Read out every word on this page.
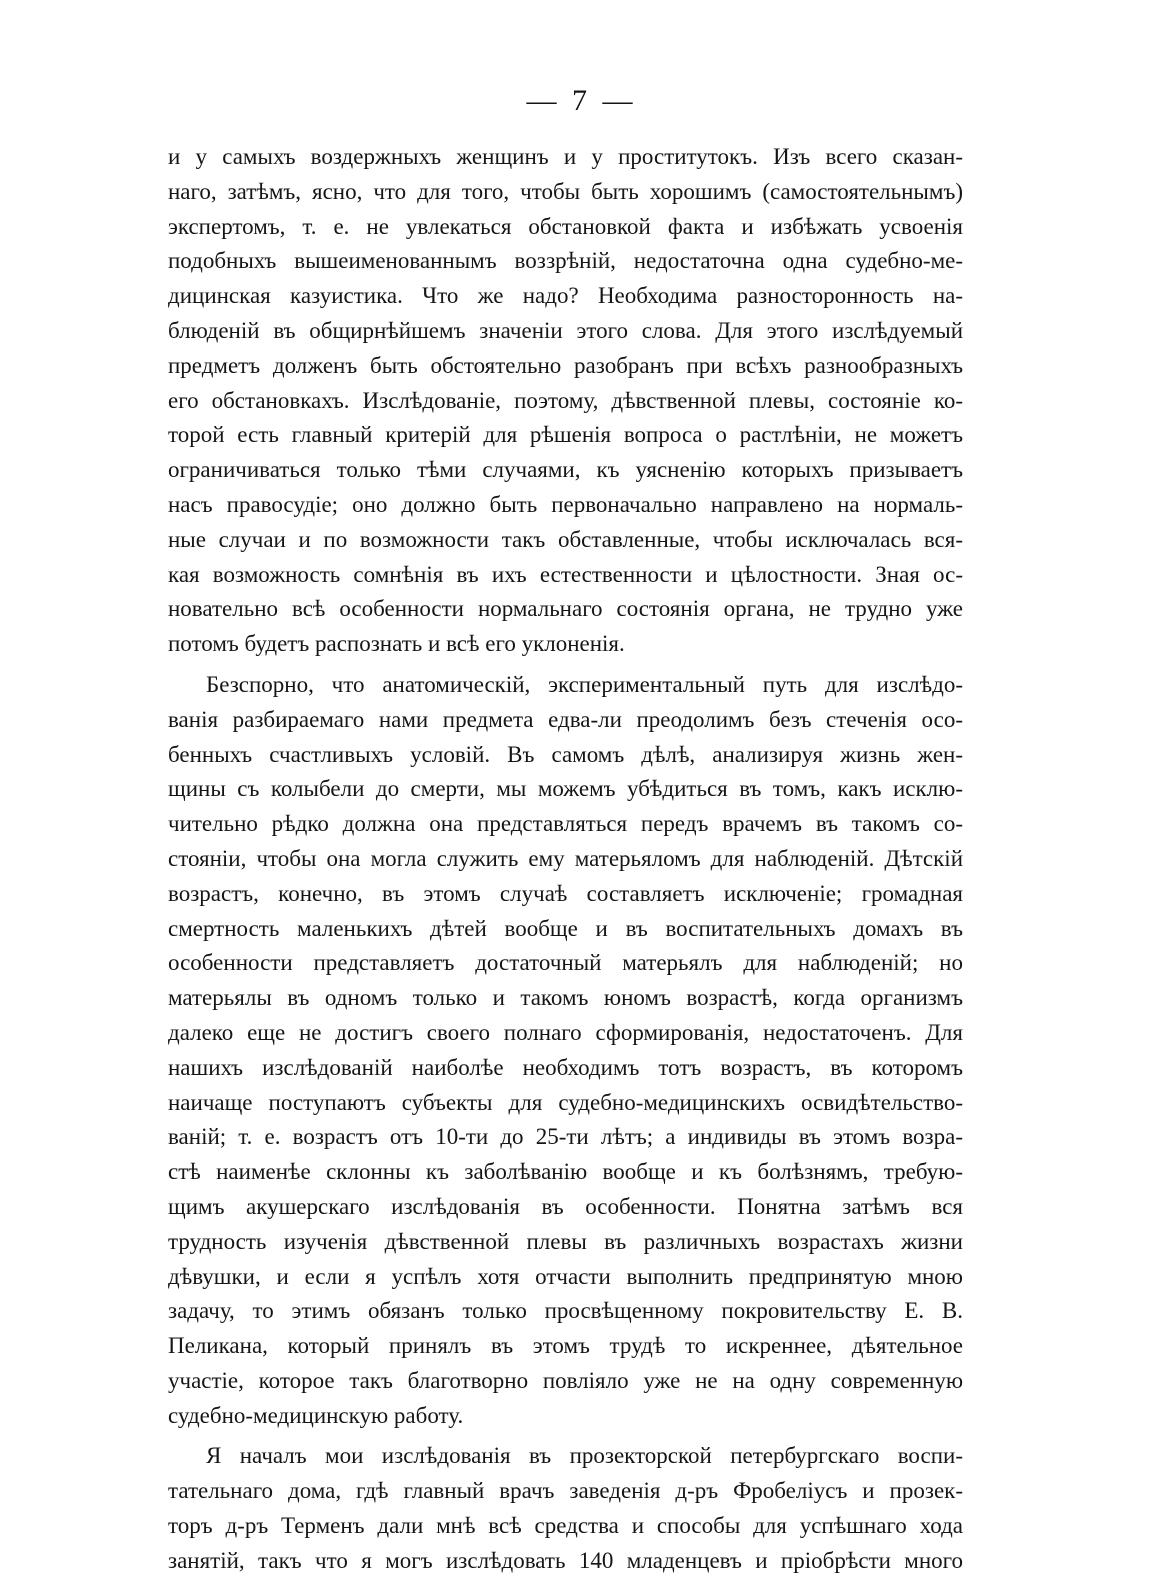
— 7 —
и у самыхъ воздержныхъ женщинъ и у проститутокъ. Изъ всего сказан-
наго, затѣмъ, ясно, что для того, чтобы быть хорошимъ (самостоятельнымъ)
экспертомъ, т. е. не увлекаться обстановкой факта и избѣжать усвоенія
подобныхъ вышеименованнымъ воззрѣній, недостаточна одна судебно-ме-
дицинская казуистика. Что же надо? Необходима разносторонность на-
блюденій въ общирнѣйшемъ значеніи этого слова. Для этого изслѣдуемый
предметъ долженъ быть обстоятельно разобранъ при всѣхъ разнообразныхъ
его обстановкахъ. Изслѣдованіе, поэтому, дѣвственной плевы, состояніе ко-
торой есть главный критерій для рѣшенія вопроса о растлѣніи, не можетъ
ограничиваться только тѣми случаями, къ уясненію которыхъ призываетъ
насъ правосудіе; оно должно быть первоначально направлено на нормаль-
ные случаи и по возможности такъ обставленные, чтобы исключалась вся-
кая возможность сомнѣнія въ ихъ естественности и цѣлостности. Зная ос-
новательно всѣ особенности нормальнаго состоянія органа, не трудно уже
потомъ будетъ распознать и всѣ его уклоненія.
Безспорно, что анатомическій, экспериментальный путь для изслѣдо-
ванія разбираемаго нами предмета едва-ли преодолимъ безъ стеченія осо-
бенныхъ счастливыхъ условій. Въ самомъ дѣлѣ, анализируя жизнь жен-
щины съ колыбели до смерти, мы можемъ убѣдиться въ томъ, какъ исклю-
чительно рѣдко должна она представляться передъ врачемъ въ такомъ со-
стояніи, чтобы она могла служить ему матерьяломъ для наблюденій. Дѣтскій
возрастъ, конечно, въ этомъ случаѣ составляетъ исключеніе; громадная
смертность маленькихъ дѣтей вообще и въ воспитательныхъ домахъ въ
особенности представляетъ достаточный матерьялъ для наблюденій; но
матерьялы въ одномъ только и такомъ юномъ возрастѣ, когда организмъ
далеко еще не достигъ своего полнаго сформированія, недостаточенъ. Для
нашихъ изслѣдованій наиболѣе необходимъ тотъ возрастъ, въ которомъ
наичаще поступаютъ субъекты для судебно-медицинскихъ освидѣтельство-
ваній; т. е. возрастъ отъ 10-ти до 25-ти лѣтъ; а индивиды въ этомъ возра-
стѣ наименѣе склонны къ заболѣванію вообще и къ болѣзнямъ, требую-
щимъ акушерскаго изслѣдованія въ особенности. Понятна затѣмъ вся
трудность изученія дѣвственной плевы въ различныхъ возрастахъ жизни
дѣвушки, и если я успѣлъ хотя отчасти выполнить предпринятую мною
задачу, то этимъ обязанъ только просвѣщенному покровительству Е. В.
Пеликана, который принялъ въ этомъ трудѣ то искреннее, дѣятельное
участіе, которое такъ благотворно повліяло уже не на одну современную
судебно-медицинскую работу.
Я началъ мои изслѣдованія въ прозекторской петербургскаго воспи-
тательнаго дома, гдѣ главный врачъ заведенія д-ръ Фробеліусъ и прозек-
торъ д-ръ Терменъ дали мнѣ всѣ средства и способы для успѣшнаго хода
занятій, такъ что я могъ изслѣдовать 140 младенцевъ и пріобрѣсти много
